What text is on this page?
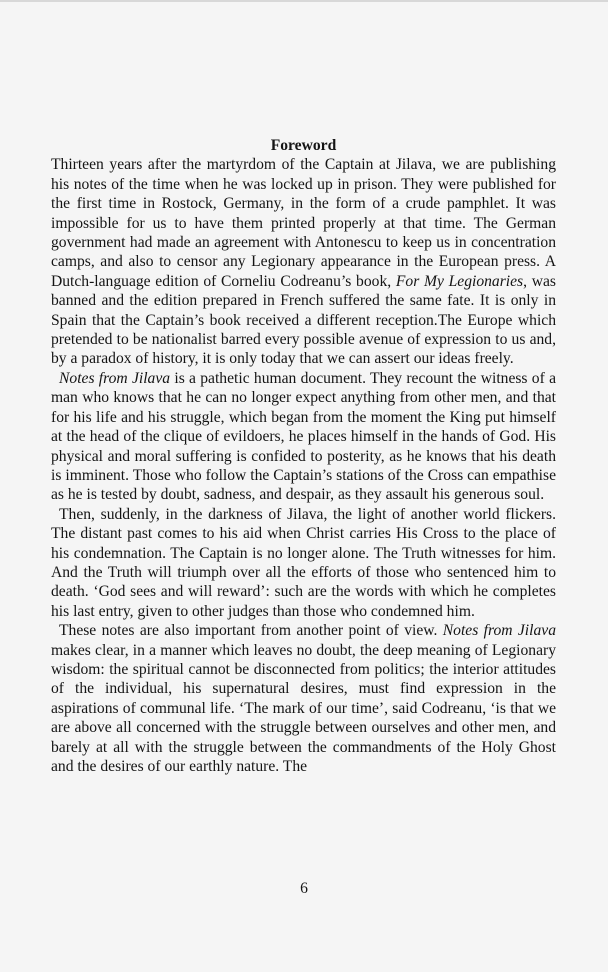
Foreword

Thirteen years after the martyrdom of the Captain at Jilava, we are publishing his notes of the time when he was locked up in prison. They were published for the first time in Rostock, Germany, in the form of a crude pamphlet. It was impossible for us to have them printed properly at that time. The German government had made an agreement with Antonescu to keep us in concentration camps, and also to censor any Legionary appearance in the European press. A Dutch-language edition of Corneliu Codreanu’s book, For My Legionaries, was banned and the edition prepared in French suffered the same fate. It is only in Spain that the Captain’s book received a different reception.The Europe which pretended to be nationalist barred every possible avenue of expression to us and, by a paradox of history, it is only today that we can assert our ideas freely.

Notes from Jilava is a pathetic human document. They recount the witness of a man who knows that he can no longer expect anything from other men, and that for his life and his struggle, which began from the moment the King put himself at the head of the clique of evildoers, he places himself in the hands of God. His physical and moral suffering is confided to posterity, as he knows that his death is imminent. Those who follow the Captain’s stations of the Cross can empathise as he is tested by doubt, sadness, and despair, as they assault his generous soul.

Then, suddenly, in the darkness of Jilava, the light of another world flickers. The distant past comes to his aid when Christ carries His Cross to the place of his condemnation. The Captain is no longer alone. The Truth witnesses for him. And the Truth will triumph over all the efforts of those who sentenced him to death. ‘God sees and will reward’: such are the words with which he completes his last entry, given to other judges than those who condemned him.

These notes are also important from another point of view. Notes from Jilava makes clear, in a manner which leaves no doubt, the deep meaning of Legionary wisdom: the spiritual cannot be disconnected from politics; the interior attitudes of the individual, his supernatural desires, must find expression in the aspirations of communal life. ‘The mark of our time’, said Codreanu, ‘is that we are above all concerned with the struggle between ourselves and other men, and barely at all with the struggle between the commandments of the Holy Ghost and the desires of our earthly nature. The

6
